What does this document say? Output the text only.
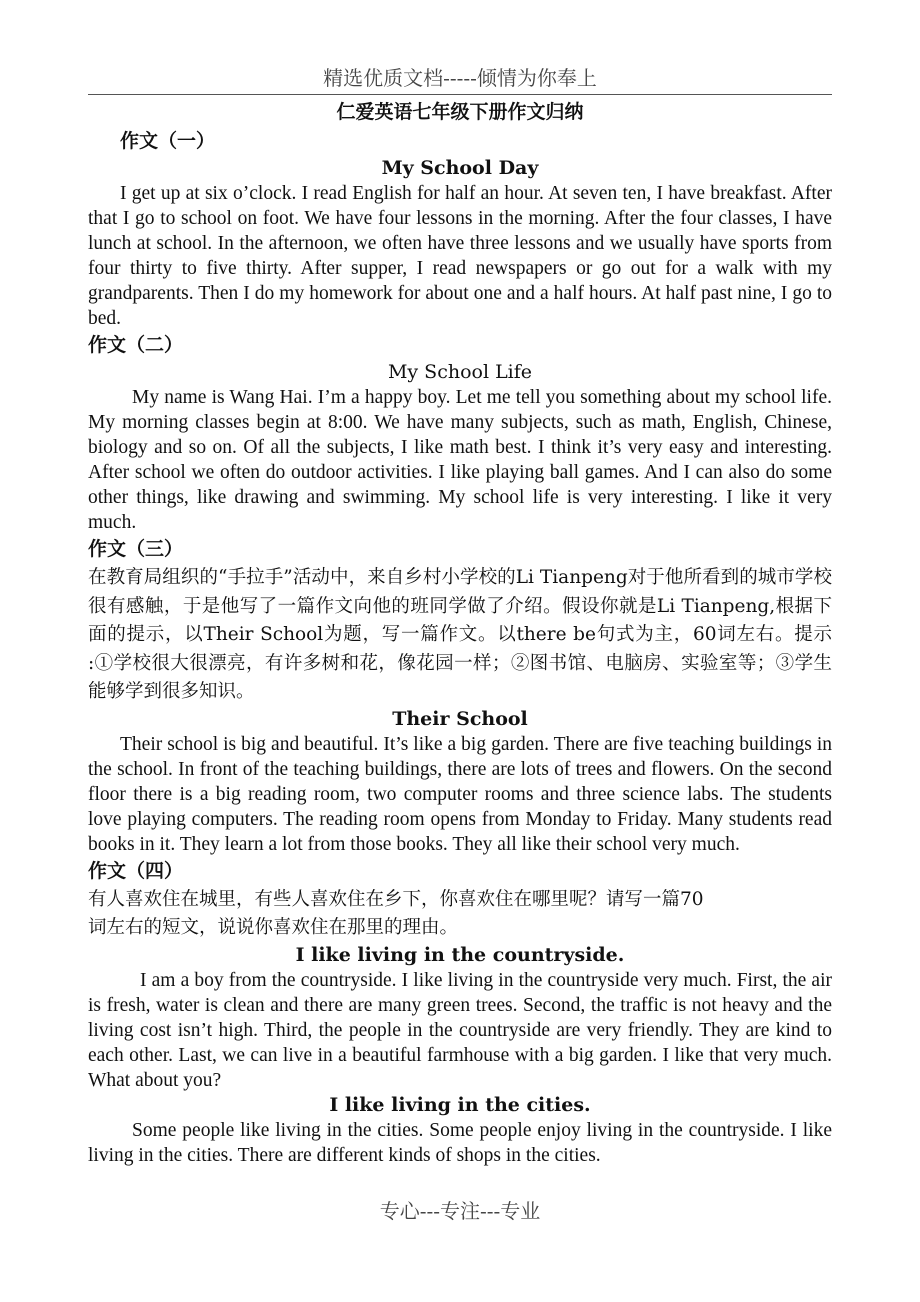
精选优质文档-----倾情为你奉上
仁爱英语七年级下册作文归纳
作文（一）
My School Day

I get up at six o’clock. I read English for half an hour. At seven ten, I have breakfast. After that I go to school on foot. We have four lessons in the morning. After the four classes, I have lunch at school. In the afternoon, we often have three lessons and we usually have sports from four thirty to five thirty. After supper, I read newspapers or go out for a walk with my grandparents. Then I do my homework for about one and a half hours. At half past nine, I go to bed.

作文（二）
My School Life

My name is Wang Hai. I’m a happy boy. Let me tell you something about my school life. My morning classes begin at 8:00. We have many subjects, such as math, English, Chinese, biology and so on. Of all the subjects, I like math best. I think it’s very easy and interesting. After school we often do outdoor activities. I like playing ball games. And I can also do some other things, like drawing and swimming. My school life is very interesting. I like it very much.

作文（三）

在教育局组织的“手拉手”活动中，来自乡村小学校的Li Tianpeng对于他所看到的城市学校很有感触，于是他写了一篇作文向他的班同学做了介绍。假设你就是Li Tianpeng,根据下面的提示，以Their School为题，写一篇作文。以there be句式为主，60词左右。提示 :①学校很大很漂亮，有许多树和花，像花园一样；②图书馆、电脑房、实验室等；③学生能够学到很多知识。

Their School

Their school is big and beautiful. It’s like a big garden. There are five teaching buildings in the school. In front of the teaching buildings, there are lots of trees and flowers. On the second floor there is a big reading room, two computer rooms and three science labs. The students love playing computers. The reading room opens from Monday to Friday. Many students read books in it. They learn a lot from those books. They all like their school very much.

作文（四）

有人喜欢住在城里，有些人喜欢住在乡下，你喜欢住在哪里呢？请写一篇70

词左右的短文，说说你喜欢住在那里的理由。

I like living in the countryside.

I am a boy from the countryside. I like living in the countryside very much. First, the air is fresh, water is clean and there are many green trees. Second, the traffic is not heavy and the living cost isn’t high. Third, the people in the countryside are very friendly. They are kind to each other. Last, we can live in a beautiful farmhouse with a big garden. I like that very much. What about you?

I like living in the cities.

Some people like living in the cities. Some people enjoy living in the countryside. I like living in the cities. There are different kinds of shops in the cities.

专心---专注---专业
